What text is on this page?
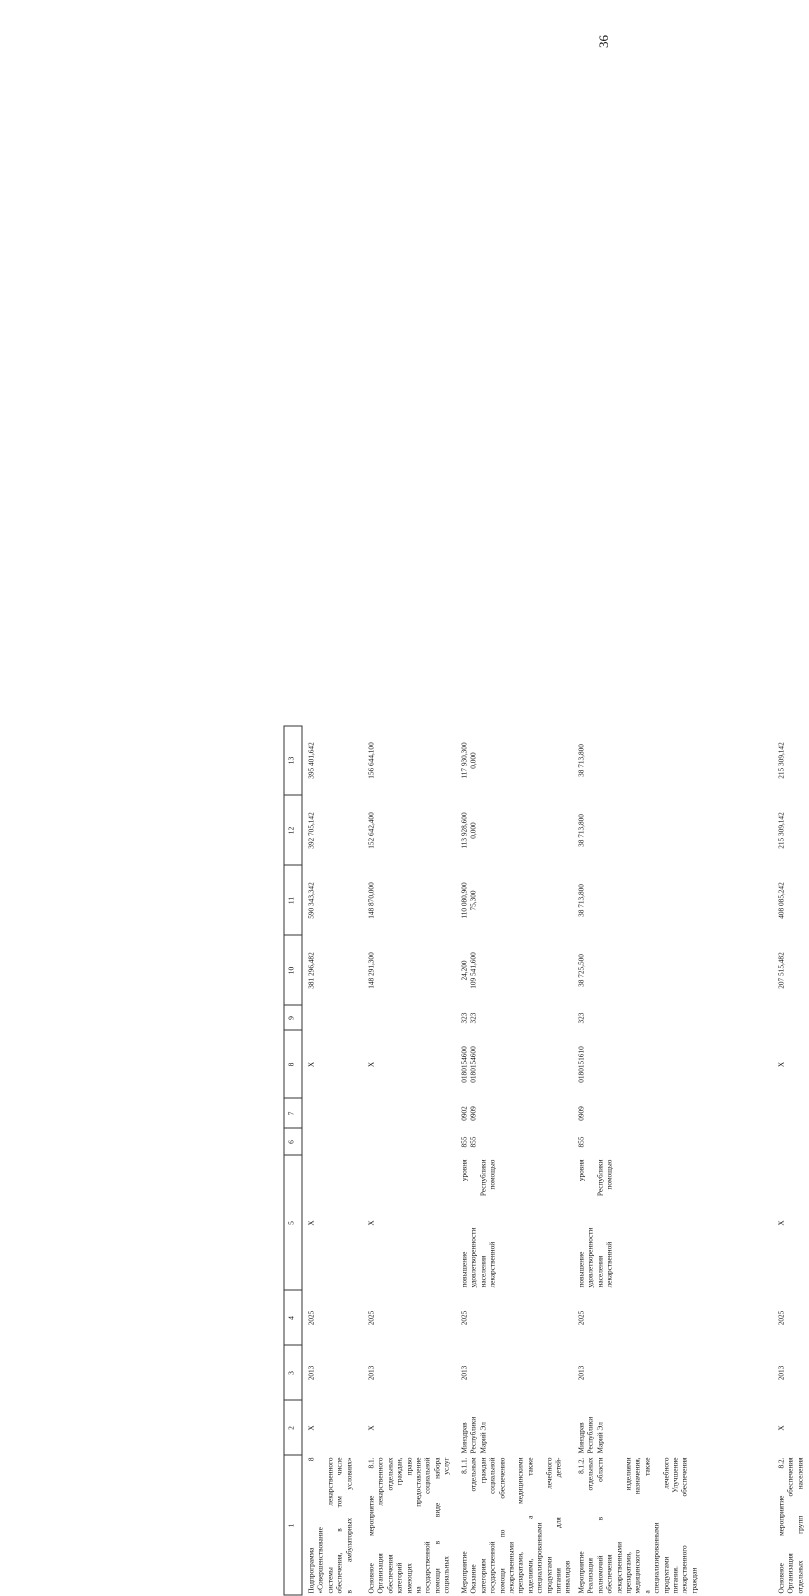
36
1
2
3
4
5
6
7
8
9
10
11
12
13
Подпрограмма 8
«Совершенствование
системы лекарственного
обеспечения, в том числе
в амбулаторных условиях»
X
2013
2025
X
X
381 296,482
590 343,342
392 705,142
395 401,642
Основное мероприятие 8.1.
Организация лекарственного
обеспечения отдельных
категорий граждан,
имеющих право
на предоставление
государственной социальной
помощи в виде набора
социальных услуг
X
2013
2025
X
X
148 291,300
148 870,000
152 642,400
156 644,100
Мероприятие 8.1.1.
Оказание отдельным
категориям граждан
государственной социальной
помощи по обеспечению
лекарственными
препаратами, медицинскими
изделиями, а также
специализированными
продуктами лечебного
питания для детей-
инвалидов
Минздрав
Республики
Марий Эл
2013
2025
повышение уровня
удовлетворенности
населения Республики
лекарственной помощью
855
855
0902
0909
0180154600
0180154600
323
323
24,200
109 541,600
110 080,900
75,300
113 928,600
0,000
117 930,300
0,000
Мероприятие 8.1.2.
Реализация отдельных
полномочий в области
обеспечения
лекарственными
препаратами, изделиями
медицинского назначения,
а также
специализированными
продуктами лечебного
питания. Улучшение
лекарственного обеспечения
граждан
Минздрав
Республики
Марий Эл
2013
2025
повышение уровня
удовлетворенности
населения Республики
лекарственной помощью
855
0909
0180151610
323
38 725,500
38 713,800
38 713,800
38 713,800
Основное мероприятие 8.2.
Организация обеспечения
отдельных групп населения
X
2013
2025
X
X
207 515,482
408 085,242
215 309,142
215 309,142
